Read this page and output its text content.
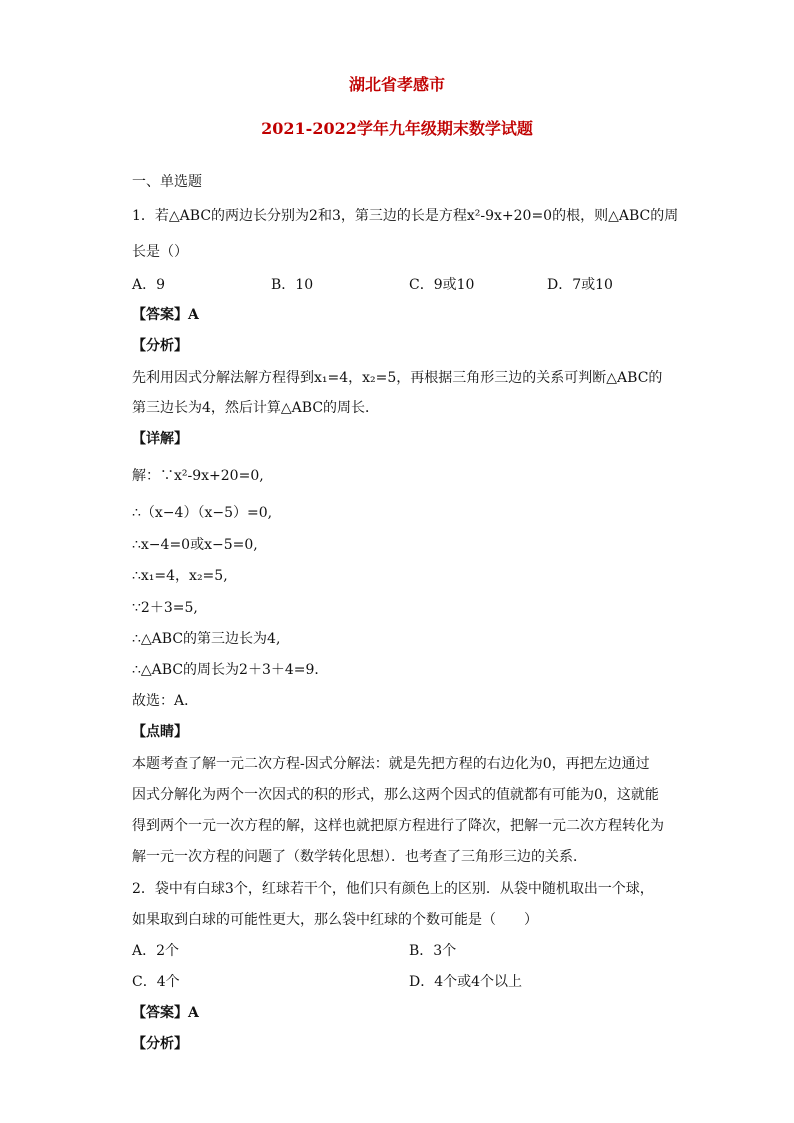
湖北省孝感市
2021-2022学年九年级期末数学试题
一、单选题
1．若△ABC的两边长分别为2和3，第三边的长是方程x²-9x+20=0的根，则△ABC的周
长是（）
A．9	B．10	C．9或10	D．7或10
【答案】A
【分析】
先利用因式分解法解方程得到x₁=4，x₂=5，再根据三角形三边的关系可判断△ABC的
第三边长为4，然后计算△ABC的周长．
【详解】
解：∵x²-9x+20=0,
∴（x−4）（x−5）=0,
∴x−4=0或x−5=0,
∴x₁=4，x₂=5,
∵2＋3=5,
∴△ABC的第三边长为4,
∴△ABC的周长为2＋3＋4=9．
故选：A．
【点睛】
本题考查了解一元二次方程-因式分解法：就是先把方程的右边化为0，再把左边通过
因式分解化为两个一次因式的积的形式，那么这两个因式的值就都有可能为0，这就能
得到两个一元一次方程的解，这样也就把原方程进行了降次，把解一元二次方程转化为
解一元一次方程的问题了（数学转化思想）．也考查了三角形三边的关系．
2．袋中有白球3个，红球若干个，他们只有颜色上的区别．从袋中随机取出一个球，
如果取到白球的可能性更大，那么袋中红球的个数可能是（　　）
A．2个	B．3个
C．4个	D．4个或4个以上
【答案】A
【分析】
